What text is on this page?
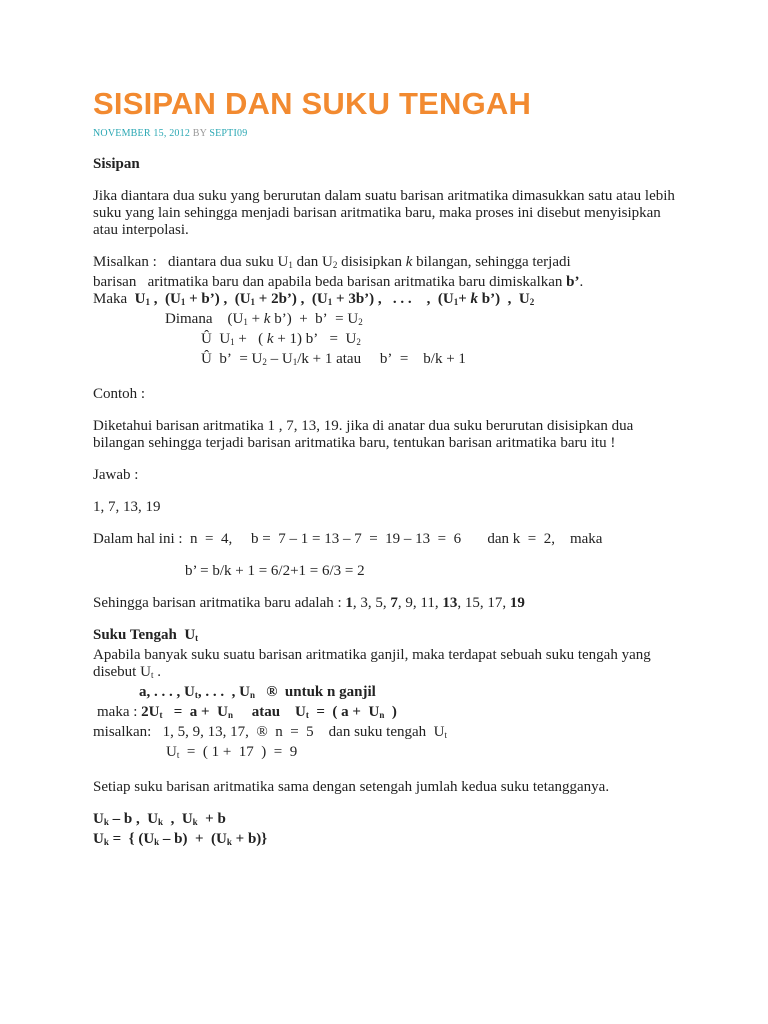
SISIPAN DAN SUKU TENGAH
NOVEMBER 15, 2012 BY SEPTI09

Sisipan

Jika diantara dua suku yang berurutan dalam suatu barisan aritmatika dimasukkan satu atau lebih suku yang lain sehingga menjadi barisan aritmatika baru, maka proses ini disebut menyisipkan atau interpolasi.

Misalkan :   diantara dua suku $U_1$ dan $U_2$ disisipkan k bilangan, sehingga terjadi

barisan   aritmatika baru dan apabila beda barisan aritmatika baru dimiskalkan b’.

Maka  $U_1$ ,  ($U_1$ + b’) ,  ($U_1$ + 2b’) ,  ($U_1$ + 3b’) ,   . . .    ,  ($U_1+ k$ b’)  ,  $U_2$

Dimana    ($U_1 + k$ b’)  +  b’  = $U_2$

Û  $U_1$ +   ( k + 1) b’   =  $U_2$

Û  b’  = $U_2 - U_1/k + 1$ atau     b’  =    b/k + 1

Contoh :

Diketahui barisan aritmatika 1 , 7, 13, 19. jika di anatar dua suku berurutan disisipkan dua bilangan sehingga terjadi barisan aritmatika baru, tentukan barisan aritmatika baru itu !

Jawab :

1, 7, 13, 19

Dalam hal ini :  n  =  4,     b =  7 – 1 = 13 – 7  =  19 – 13  =  6       dan k  =  2,    maka

b’ = b/k + 1 = 6/2+1 = 6/3 = 2

Sehingga barisan aritmatika baru adalah : 1, 3, 5, 7, 9, 11, 13, 15, 17, 19

Suku Tengah  $U_t$

Apabila banyak suku suatu barisan aritmatika ganjil, maka terdapat sebuah suku tengah yang disebut $U_t$ .

a, . . . , $U_t$, . . .  , $U_n$   ®  untuk n ganjil

maka : $2U_t = a + U_n$     atau    $U_t$  =  ( $a + U_n$  )

misalkan:   1, 5, 9, 13, 17,  ®  n  =  5    dan suku tengah  $U_t$

$U_t$  =  ( 1 +  17  )  =  9

Setiap suku barisan aritmatika sama dengan setengah jumlah kedua suku tetangganya.

$U_k$ – b ,  $U_k$  ,  $U_k + b$

$U_k$ =  { $(U_k - b) + (U_k + b)$}
